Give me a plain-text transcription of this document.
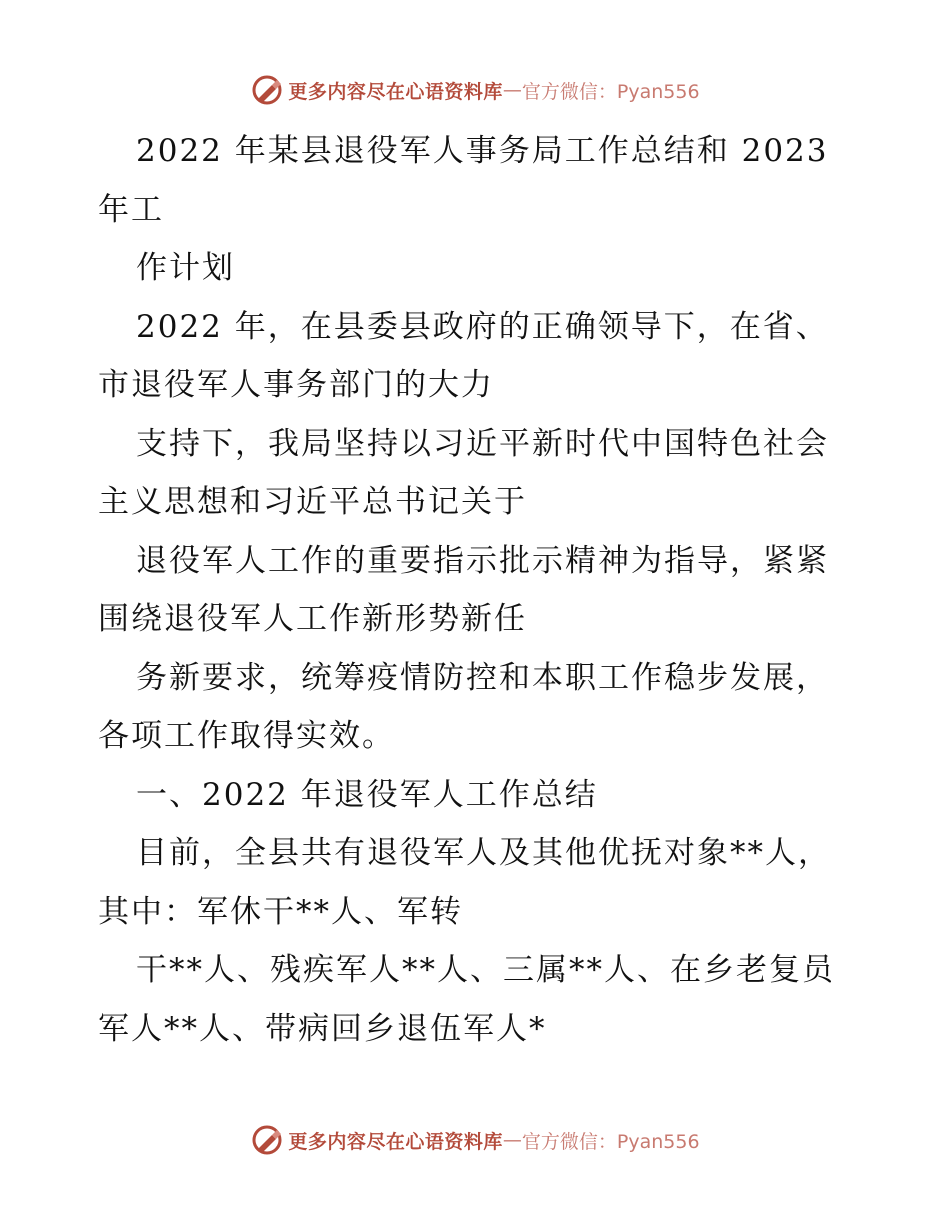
更多内容尽在心语资料库 — 官方微信：Pyan556
2022 年某县退役军人事务局工作总结和 2023
年工
作计划
2022 年，在县委县政府的正确领导下，在省、
市退役军人事务部门的大力
支持下，我局坚持以习近平新时代中国特色社会
主义思想和习近平总书记关于
退役军人工作的重要指示批示精神为指导，紧紧
围绕退役军人工作新形势新任
务新要求，统筹疫情防控和本职工作稳步发展，
各项工作取得实效。
一、2022 年退役军人工作总结
目前，全县共有退役军人及其他优抚对象**人，
其中：军休干**人、军转
干**人、残疾军人**人、三属**人、在乡老复员
军人**人、带病回乡退伍军人*
更多内容尽在心语资料库 — 官方微信：Pyan556
